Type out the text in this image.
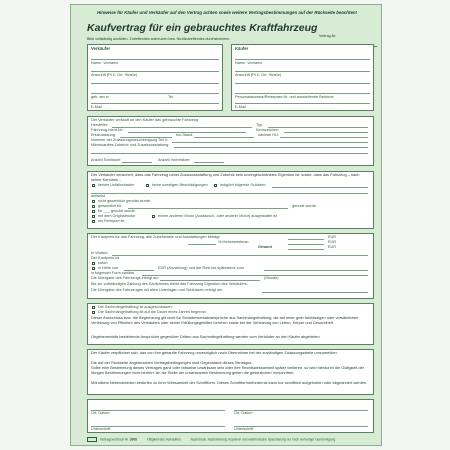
Hinweise für Käufer und Verkäufer auf den Vertrag achten sowie weitere Vertragsbestimmungen auf der Rückseite beachten!
Kaufvertrag für ein gebrauchtes Kraftfahrzeug
Vertrag-Nr.
Bitte vollständig ausfüllen. Zutreffendes ankreuzen bzw. Nichtzutreffendes durchstreichen.
Verkäufer
Name, Vorname
Anschrift (PLZ, Ort, Straße)
geb. am in	Tel.
E-Mail
Käufer
Name, Vorname
Anschrift (PLZ, Ort, Straße)
Personalausweis/Reisepass Nr. und ausstellende Behörde
E-Mail
Der Verkäufer verkauft an den Käufer das gebrauchte Fahrzeug
Hersteller:	Typ:
Fahrzeug-Ident-Nr.:	Kennzeichen:
Erstzulassung:	km-Stand:	nächste HU:
Nummer der Zulassungsbescheinigung Teil II:
Mitverkauftes Zubehör und Zusatzausstattung:
Anzahl Schlüssel:	Anzahl Vorbesitzer:
Der Verkäufer versichert, dass das Fahrzeug nebst Zusatzausstattung und Zubehör sein uneingeschränktes Eigentum ist, sowie, dass das Fahrzeug – nach seiner Kenntnis –
keinen Unfallschaden	keine sonstigen Beschädigungen	lediglich folgende Schäden:
aufweist
nicht gewerblich genutzt wurde.
gewerblich für	genutzt wurde.
für ___ genutzt wurde.
mit dem Originalmotor	einem anderen Motor (Austausch- oder anderer Motor) ausgestattet ist
ein Reimport ist
Der Kaufpreis für das Fahrzeug, alle Zubehörteile und Ausstattungen beträgt	EUR
% Mehrwertsteuer	EUR
Gesamt	EUR
In Worten:
Der Kaufpreis ist
sofort
in Höhe von	EUR (Anzahlung) und der Rest bis spätestens zum
in folgender Form zahlbar
Die Übergabe des Fahrzeugs erfolgt am	(Stunde)
Bis zur vollständigen Zahlung des Kaufpreises bleibt das Fahrzeug Eigentum des Verkäufers.
Die Übergabe des Fahrzeuges mit allen Unterlagen und Schlüsseln erfolgt am
Die Sachmängelhaftung ist ausgeschlossen.
Die Sachmängelhaftung ist auf die Dauer eines Jahres begrenzt.
Dieser Ausschluss bzw. die Begrenzung gilt nicht für Schadensersatzansprüche aus Sachmängelhaftung, die auf einer grob fahrlässigen oder vorsätzlichen Verletzung von Pflichten des Verkäufers oder seiner Erfüllungsgehilfen beruhen sowie bei der Verletzung von Leben, Körper und Gesundheit.
Gegebenenfalls bestehende Ansprüche gegenüber Dritten aus Sachmängelhaftung werden vom Verkäufer an den Käufer abgetreten.
Der Käufer verpflichtet sich, das von ihm gekaufte Fahrzeug unverzüglich nach Übernahme bei der zuständigen Zulassungsstelle umzumelden.
Die auf der Rückseite abgedruckten Vertragsbedingungen sind Gegenstand dieses Vertrages.
Sollte eine Bestimmung dieses Vertrages ganz oder teilweise unwirksam sein oder ihre Rechtswirksamkeit später verlieren, so wird hierdurch die Gültigkeit der übrigen Bestimmungen nicht berührt. An die Stelle der unwirksamen Bestimmung gelten die gesetzlichen Vorschriften.
Mündliche Nebenabreden bedürfen zu ihrer Wirksamkeit der Schriftform. Dieses Schriftformerfordernis kann nur schriftlich aufgehoben oder abgeändert werden.
Ort, Datum
Unterschrift
Ort, Datum
Unterschrift
Vertragsvordruck Nr. 3008	Tätigkeit des Verkäufers	Nachdruck, Nachahmung, Kopieren und elektronische Speicherung nur nach vorheriger Genehmigung
